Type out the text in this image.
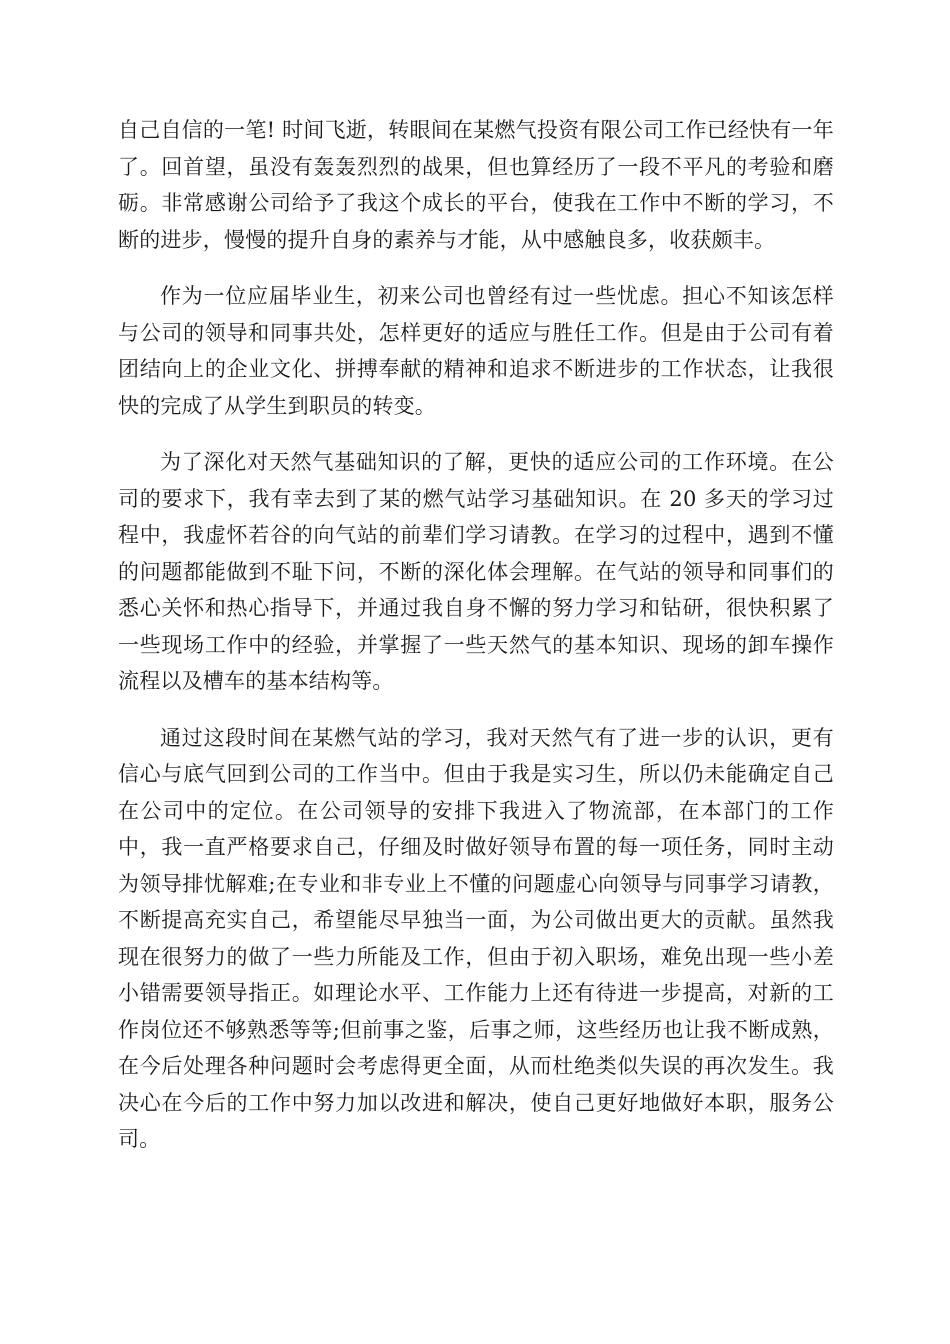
自己自信的一笔! 时间飞逝，转眼间在某燃气投资有限公司工作已经快有一年了。回首望，虽没有轰轰烈烈的战果，但也算经历了一段不平凡的考验和磨砺。非常感谢公司给予了我这个成长的平台，使我在工作中不断的学习，不断的进步，慢慢的提升自身的素养与才能，从中感触良多，收获颇丰。

作为一位应届毕业生，初来公司也曾经有过一些忧虑。担心不知该怎样与公司的领导和同事共处，怎样更好的适应与胜任工作。但是由于公司有着团结向上的企业文化、拼搏奉献的精神和追求不断进步的工作状态，让我很快的完成了从学生到职员的转变。

为了深化对天然气基础知识的了解，更快的适应公司的工作环境。在公司的要求下，我有幸去到了某的燃气站学习基础知识。在 20 多天的学习过程中，我虚怀若谷的向气站的前辈们学习请教。在学习的过程中，遇到不懂的问题都能做到不耻下问，不断的深化体会理解。在气站的领导和同事们的悉心关怀和热心指导下，并通过我自身不懈的努力学习和钻研，很快积累了一些现场工作中的经验，并掌握了一些天然气的基本知识、现场的卸车操作流程以及槽车的基本结构等。

通过这段时间在某燃气站的学习，我对天然气有了进一步的认识，更有信心与底气回到公司的工作当中。但由于我是实习生，所以仍未能确定自己在公司中的定位。在公司领导的安排下我进入了物流部，在本部门的工作中，我一直严格要求自己，仔细及时做好领导布置的每一项任务，同时主动为领导排忧解难;在专业和非专业上不懂的问题虚心向领导与同事学习请教，不断提高充实自己，希望能尽早独当一面，为公司做出更大的贡献。虽然我现在很努力的做了一些力所能及工作，但由于初入职场，难免出现一些小差小错需要领导指正。如理论水平、工作能力上还有待进一步提高，对新的工作岗位还不够熟悉等等;但前事之鉴，后事之师，这些经历也让我不断成熟，在今后处理各种问题时会考虑得更全面，从而杜绝类似失误的再次发生。我决心在今后的工作中努力加以改进和解决，使自己更好地做好本职，服务公司。
